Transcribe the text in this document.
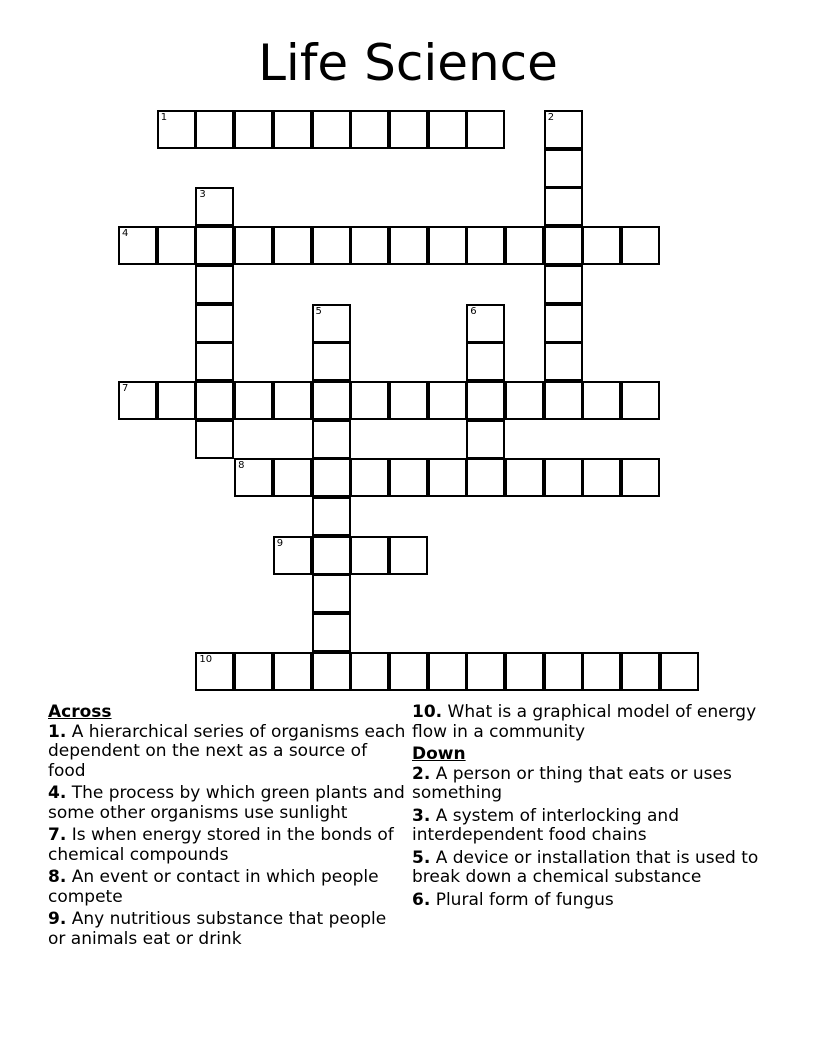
Life Science
1	2
3
4
5	6
7
8
9
10
Across
1. A hierarchical series of organisms each dependent on the next as a source of food
4. The process by which green plants and some other organisms use sunlight
7. Is when energy stored in the bonds of chemical compounds
8. An event or contact in which people compete
9. Any nutritious substance that people or animals eat or drink
10. What is a graphical model of energy flow in a community
Down
2. A person or thing that eats or uses something
3. A system of interlocking and interdependent food chains
5. A device or installation that is used to break down a chemical substance
6. Plural form of fungus
